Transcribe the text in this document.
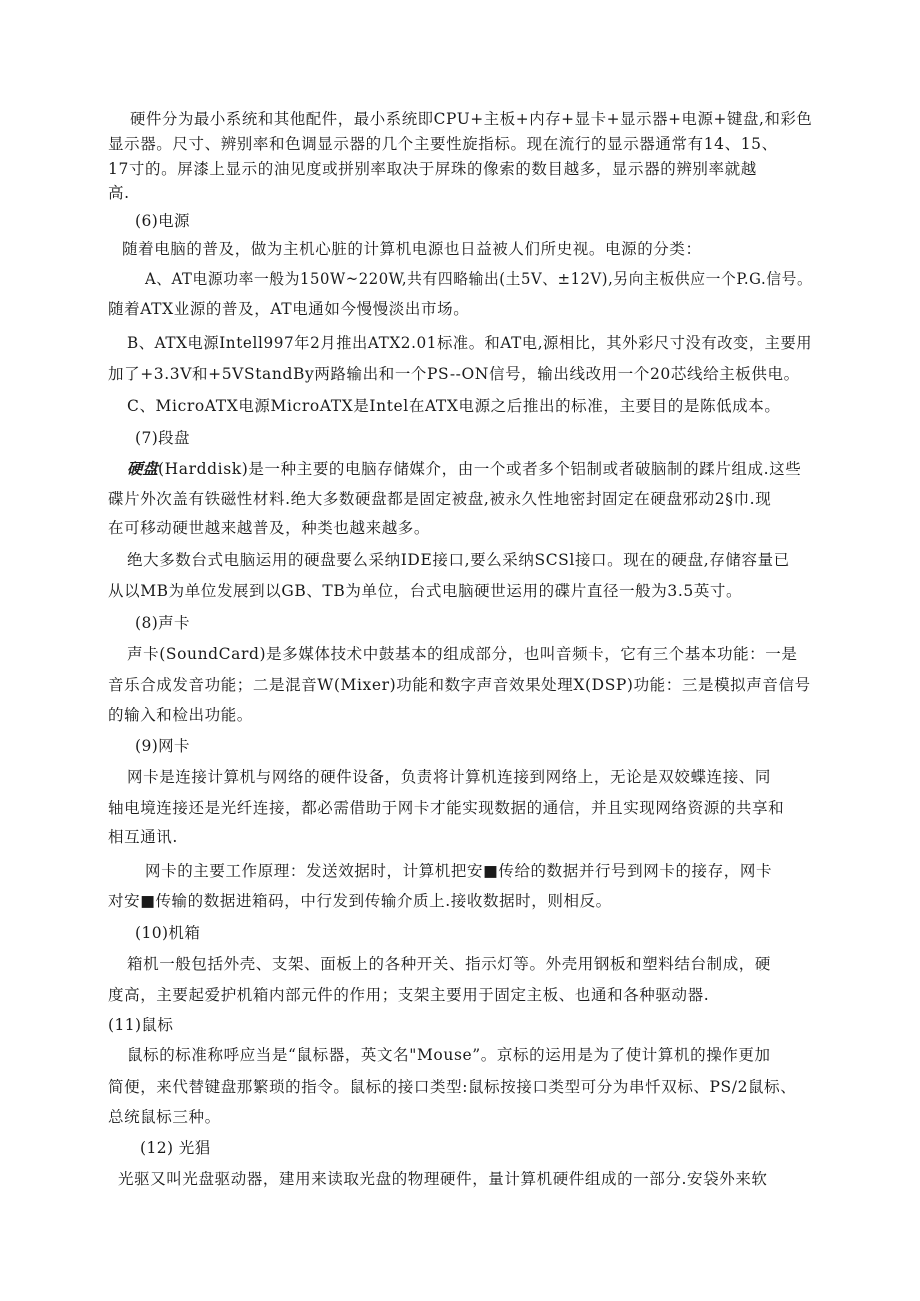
硬件分为最小系统和其他配件，最小系统即CPU+主板+内存+显卡+显示器+电源+键盘,和彩色
显示器。尺寸、辨别率和色调显示器的几个主要性旋指标。现在流行的显示器通常有14、15、
17寸的。屏漆上显示的油见度或拼别率取决于屏珠的像索的数目越多，显示器的辨别率就越
高.
(6)电源
随着电脑的普及，做为主机心脏的计算机电源也日益被人们所史视。电源的分类：
A、AT电源功率一般为150W~220W,共有四略输出(土5V、±12V),另向主板供应一个P.G.信号。
随着ATX业源的普及，AT电通如今慢慢淡出市场。
B、ATX电源Intell997年2月推出ATX2.01标准。和AT电,源相比，其外彩尺寸没有改变，主要用
加了+3.3V和+5VStandBy两路输出和一个PS--ON信号，输出线改用一个20芯线给主板供电。
C、MicroATX电源MicroATX是Intel在ATX电源之后推出的标准，主要目的是陈低成本。
(7)段盘
硬盘(Harddisk)是一种主要的电脑存储媒介，由一个或者多个铝制或者破脑制的蹂片组成.这些
碟片外次盖有铁磁性材料.绝大多数硬盘都是固定被盘,被永久性地密封固定在硬盘邪动2§巾.现
在可移动硬世越来越普及，种类也越来越多。
绝大多数台式电脑运用的硬盘要么采纳IDE接口,要么采纳SCSl接口。现在的硬盘,存储容量已
从以MB为单位发展到以GB、TB为单位，台式电脑硬世运用的碟片直径一般为3.5英寸。
(8)声卡
声卡(SoundCard)是多媒体技术中鼓基本的组成部分，也叫音频卡，它有三个基本功能：一是
音乐合成发音功能；二是混音W(Mixer)功能和数字声音效果处理X(DSP)功能：三是模拟声音信号
的输入和检出功能。
(9)网卡
网卡是连接计算机与网络的硬件设备，负责将计算机连接到网络上，无论是双姣蝶连接、同
轴电境连接还是光纤连接，都必需借助于网卡才能实现数据的通信，并且实现网络资源的共享和
相互通讯.
网卡的主要工作原理：发送效据时，计算机把安■传给的数据并行号到网卡的接存，网卡
对安■传输的数据进箱码，中行发到传输介质上.接收数据时，则相反。
(10)机箱
箱机一般包括外壳、支架、面板上的各种开关、指示灯等。外壳用钢板和塑料结台制成，硬
度高，主要起爱护机箱内部元件的作用；支架主要用于固定主板、也通和各种驱动器.
(11)鼠标
鼠标的标准称呼应当是“鼠标器，英文名"Mouse”。京标的运用是为了使计算机的操作更加
简便，来代替键盘那繁琐的指令。鼠标的接口类型:鼠标按接口类型可分为串忏双标、PS/2鼠标、
总统鼠标三种。
(12) 光猖
光驱又叫光盘驱动器，建用来读取光盘的物理硬件，量计算机硬件组成的一部分.安袋外来软
